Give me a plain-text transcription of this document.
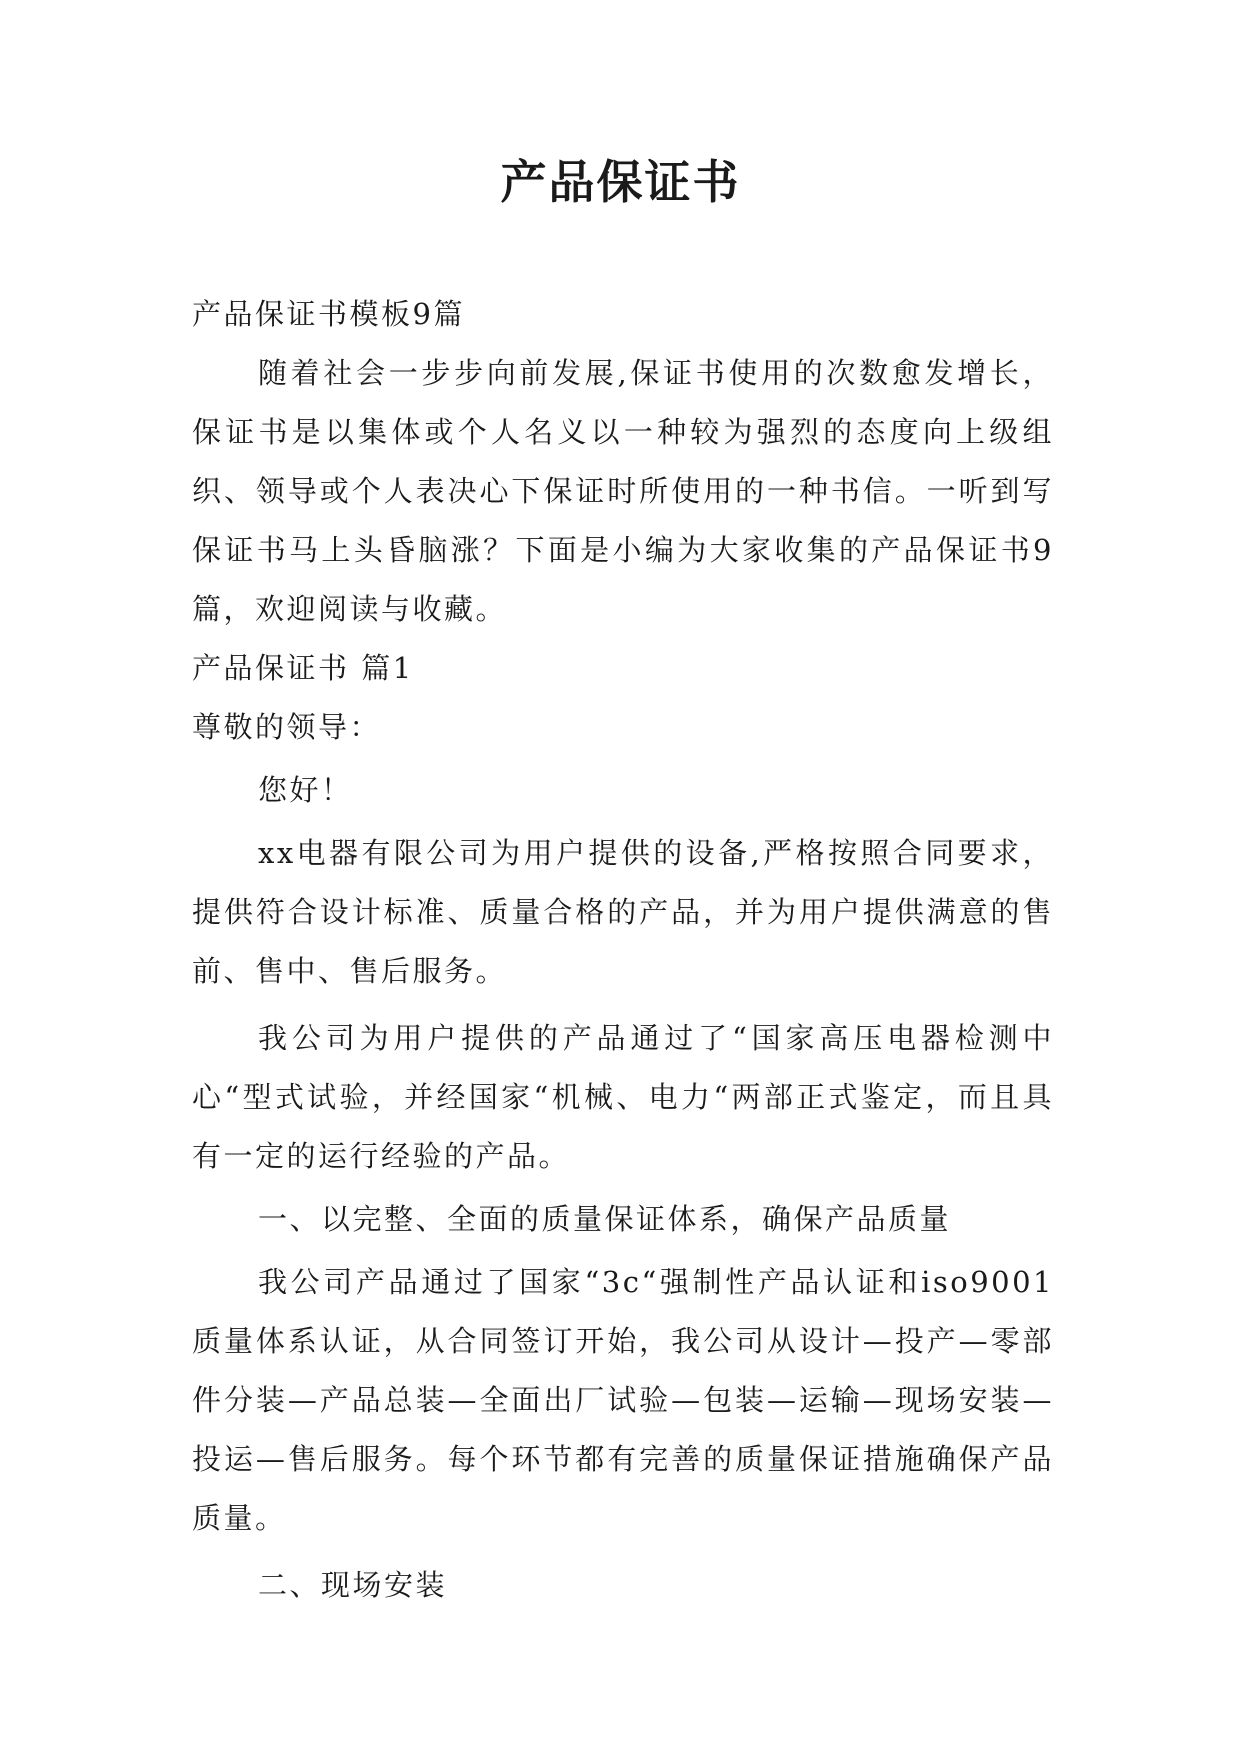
产品保证书

产品保证书模板9篇

随着社会一步步向前发展,保证书使用的次数愈发增长，保证书是以集体或个人名义以一种较为强烈的态度向上级组织、领导或个人表决心下保证时所使用的一种书信。一听到写保证书马上头昏脑涨？下面是小编为大家收集的产品保证书9篇，欢迎阅读与收藏。

产品保证书 篇1

尊敬的领导：

您好！

xx电器有限公司为用户提供的设备,严格按照合同要求，提供符合设计标准、质量合格的产品，并为用户提供满意的售前、售中、售后服务。

我公司为用户提供的产品通过了“国家高压电器检测中心“型式试验，并经国家“机械、电力“两部正式鉴定，而且具有一定的运行经验的产品。

一、以完整、全面的质量保证体系，确保产品质量

我公司产品通过了国家“3c“强制性产品认证和iso9001质量体系认证，从合同签订开始，我公司从设计—投产—零部件分装—产品总装—全面出厂试验—包装—运输—现场安装—投运—售后服务。每个环节都有完善的质量保证措施确保产品质量。

二、现场安装
